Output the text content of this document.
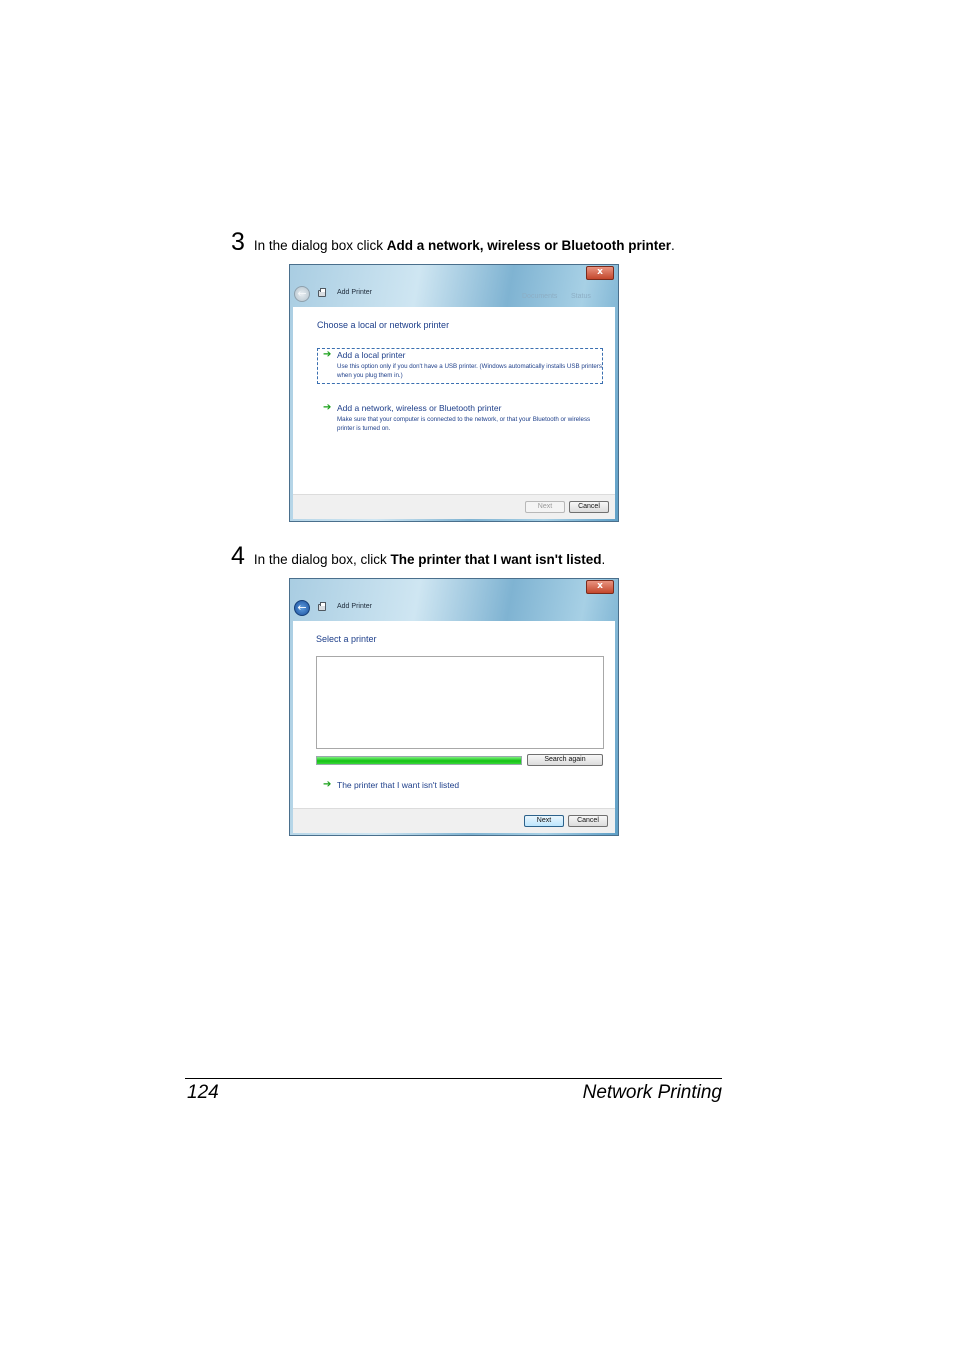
3 In the dialog box click Add a network, wireless or Bluetooth printer.
x
←	Add Printer
Documents Status
Choose a local or network printer
➔ Add a local printer
Use this option only if you don't have a USB printer. (Windows automatically installs USB printers when you plug them in.)
➔ Add a network, wireless or Bluetooth printer
Make sure that your computer is connected to the network, or that your Bluetooth or wireless printer is turned on.
Next	Cancel
4 In the dialog box, click The printer that I want isn't listed.
x
←	Add Printer
Select a printer
Search again
➔ The printer that I want isn't listed
Next	Cancel
124	Network Printing
